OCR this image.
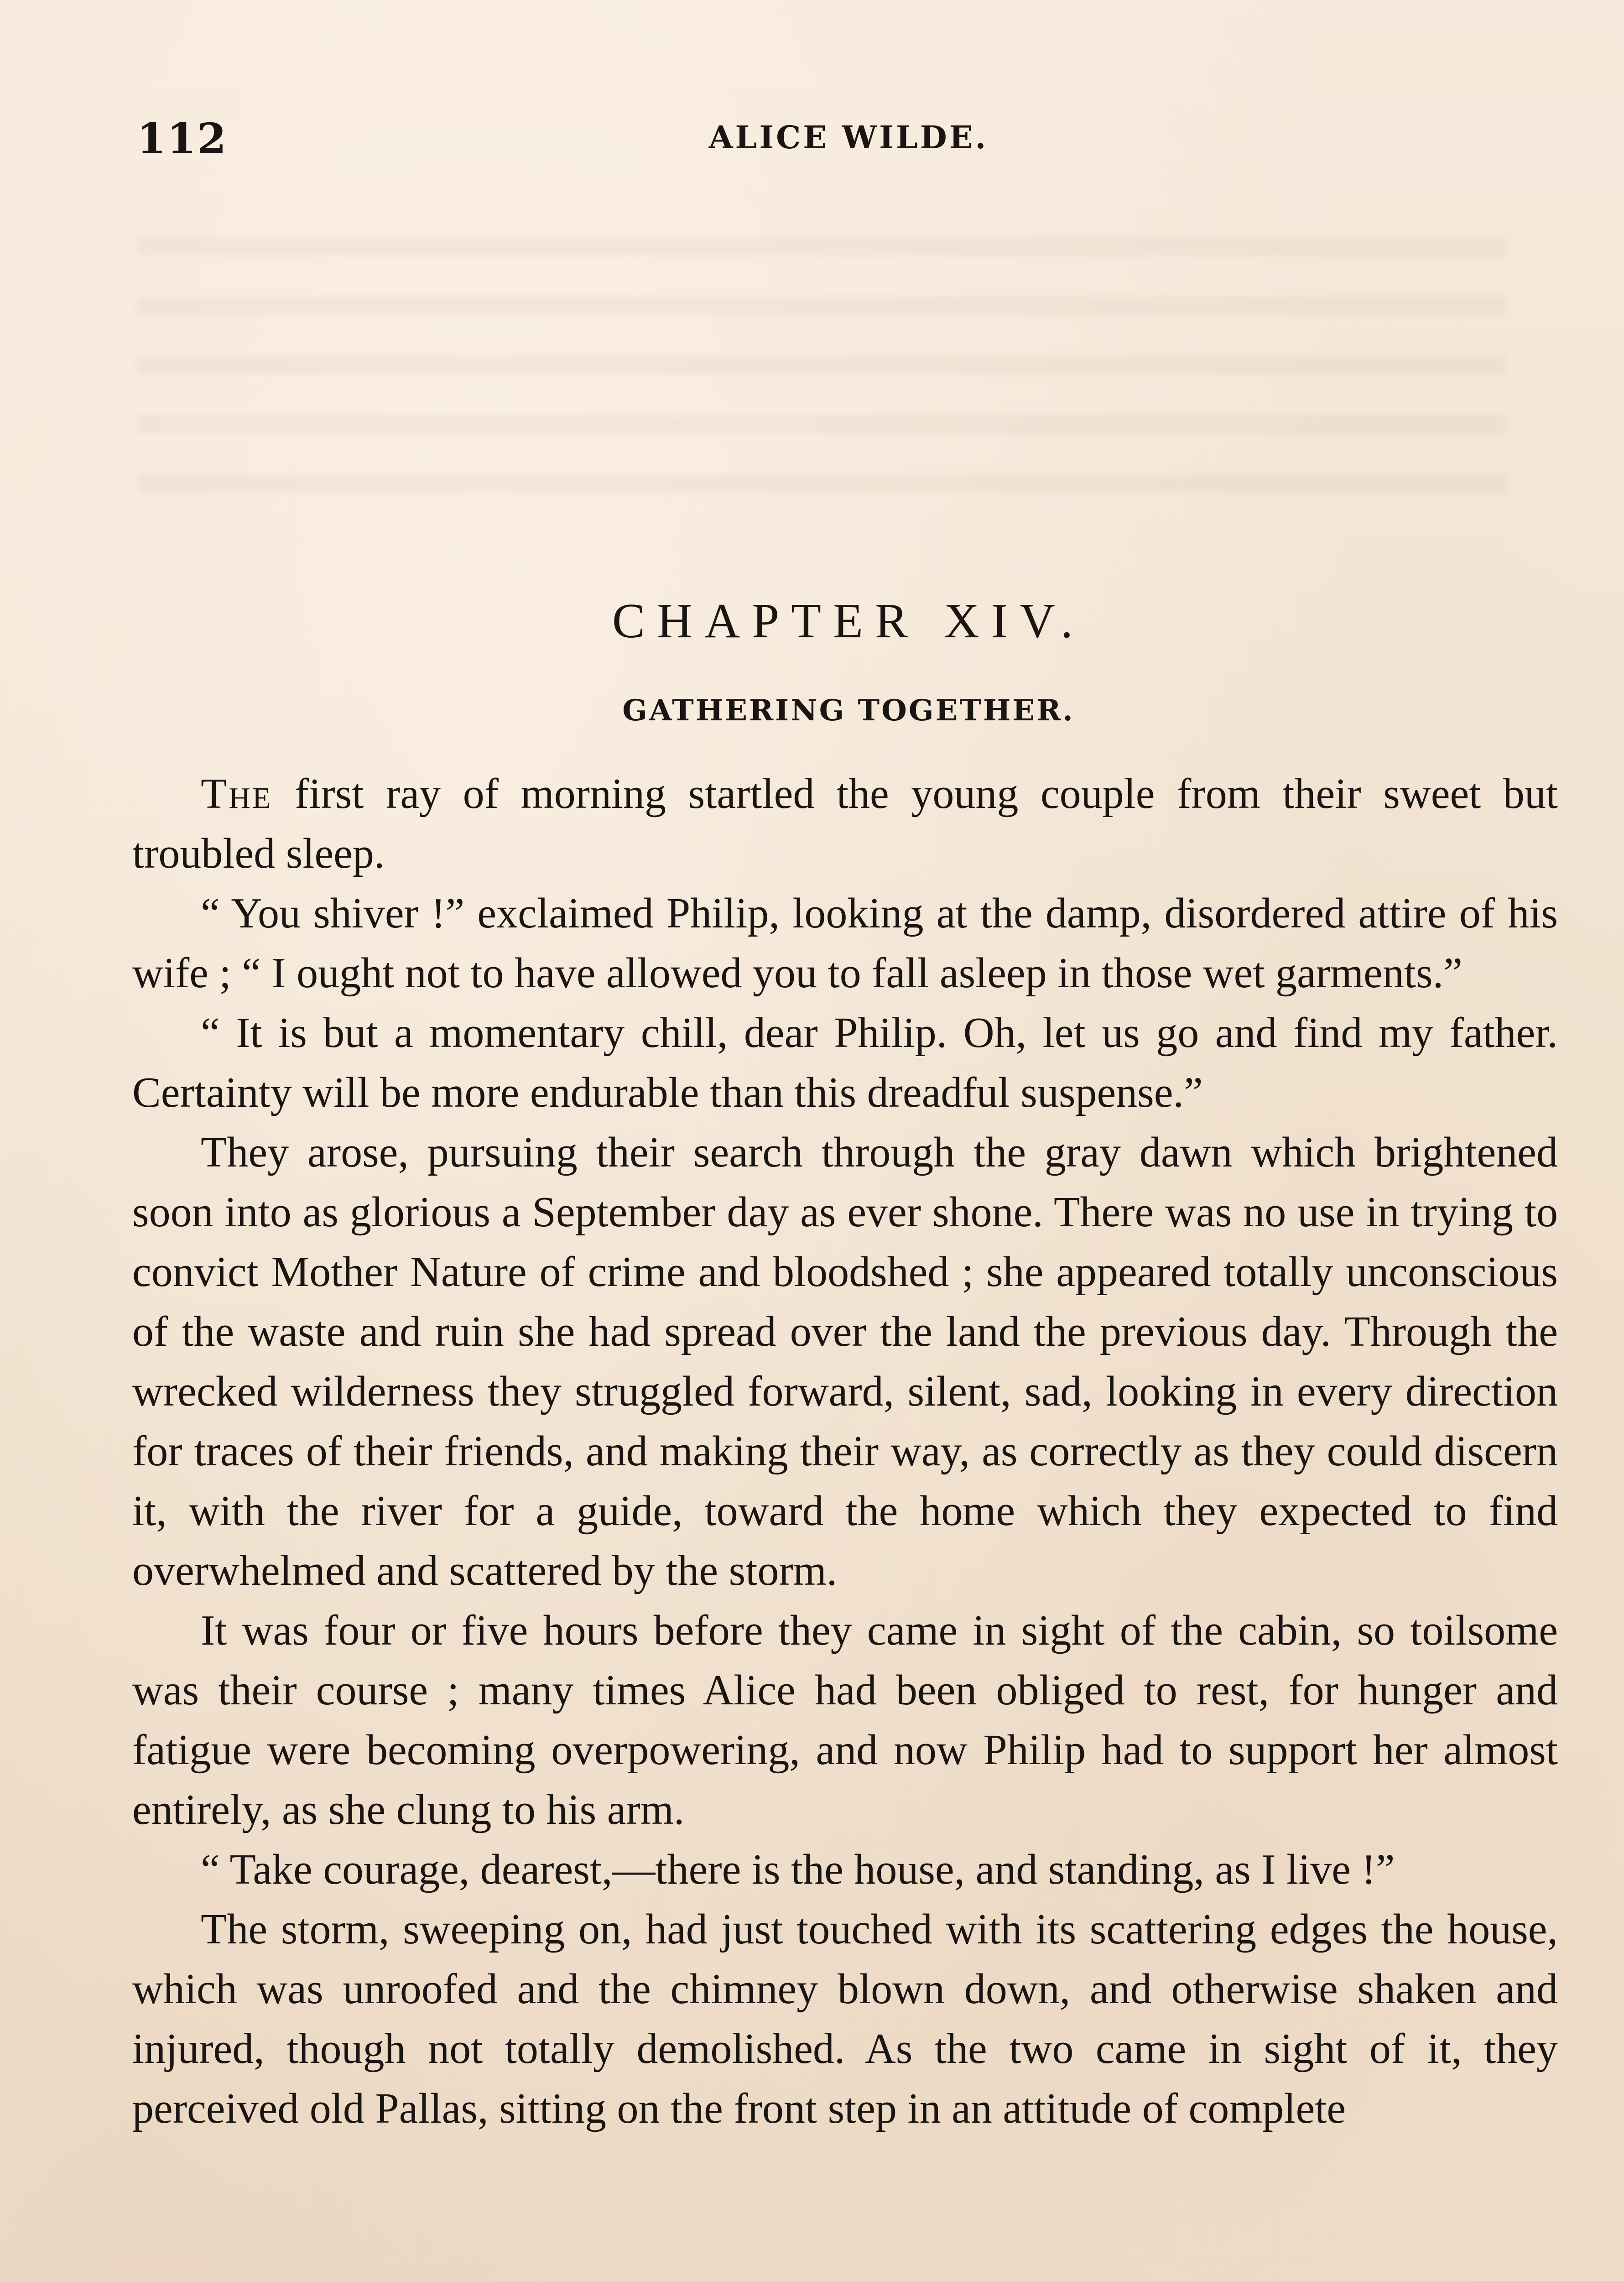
112	ALICE WILDE.
CHAPTER XIV.
GATHERING TOGETHER.

The first ray of morning startled the young couple from their sweet but troubled sleep.

“ You shiver !” exclaimed Philip, looking at the damp, disordered attire of his wife ; “ I ought not to have allowed you to fall asleep in those wet garments.”

“ It is but a momentary chill, dear Philip. Oh, let us go and find my father. Certainty will be more endurable than this dreadful suspense.”

They arose, pursuing their search through the gray dawn which brightened soon into as glorious a September day as ever shone. There was no use in trying to convict Mother Nature of crime and bloodshed ; she appeared totally unconscious of the waste and ruin she had spread over the land the previous day. Through the wrecked wilderness they struggled forward, silent, sad, looking in every direction for traces of their friends, and making their way, as correctly as they could discern it, with the river for a guide, toward the home which they expected to find overwhelmed and scattered by the storm.

It was four or five hours before they came in sight of the cabin, so toilsome was their course ; many times Alice had been obliged to rest, for hunger and fatigue were becoming overpowering, and now Philip had to support her almost entirely, as she clung to his arm.

“ Take courage, dearest,—there is the house, and standing, as I live !”

The storm, sweeping on, had just touched with its scattering edges the house, which was unroofed and the chimney blown down, and otherwise shaken and injured, though not totally demolished. As the two came in sight of it, they perceived old Pallas, sitting on the front step in an attitude of complete
